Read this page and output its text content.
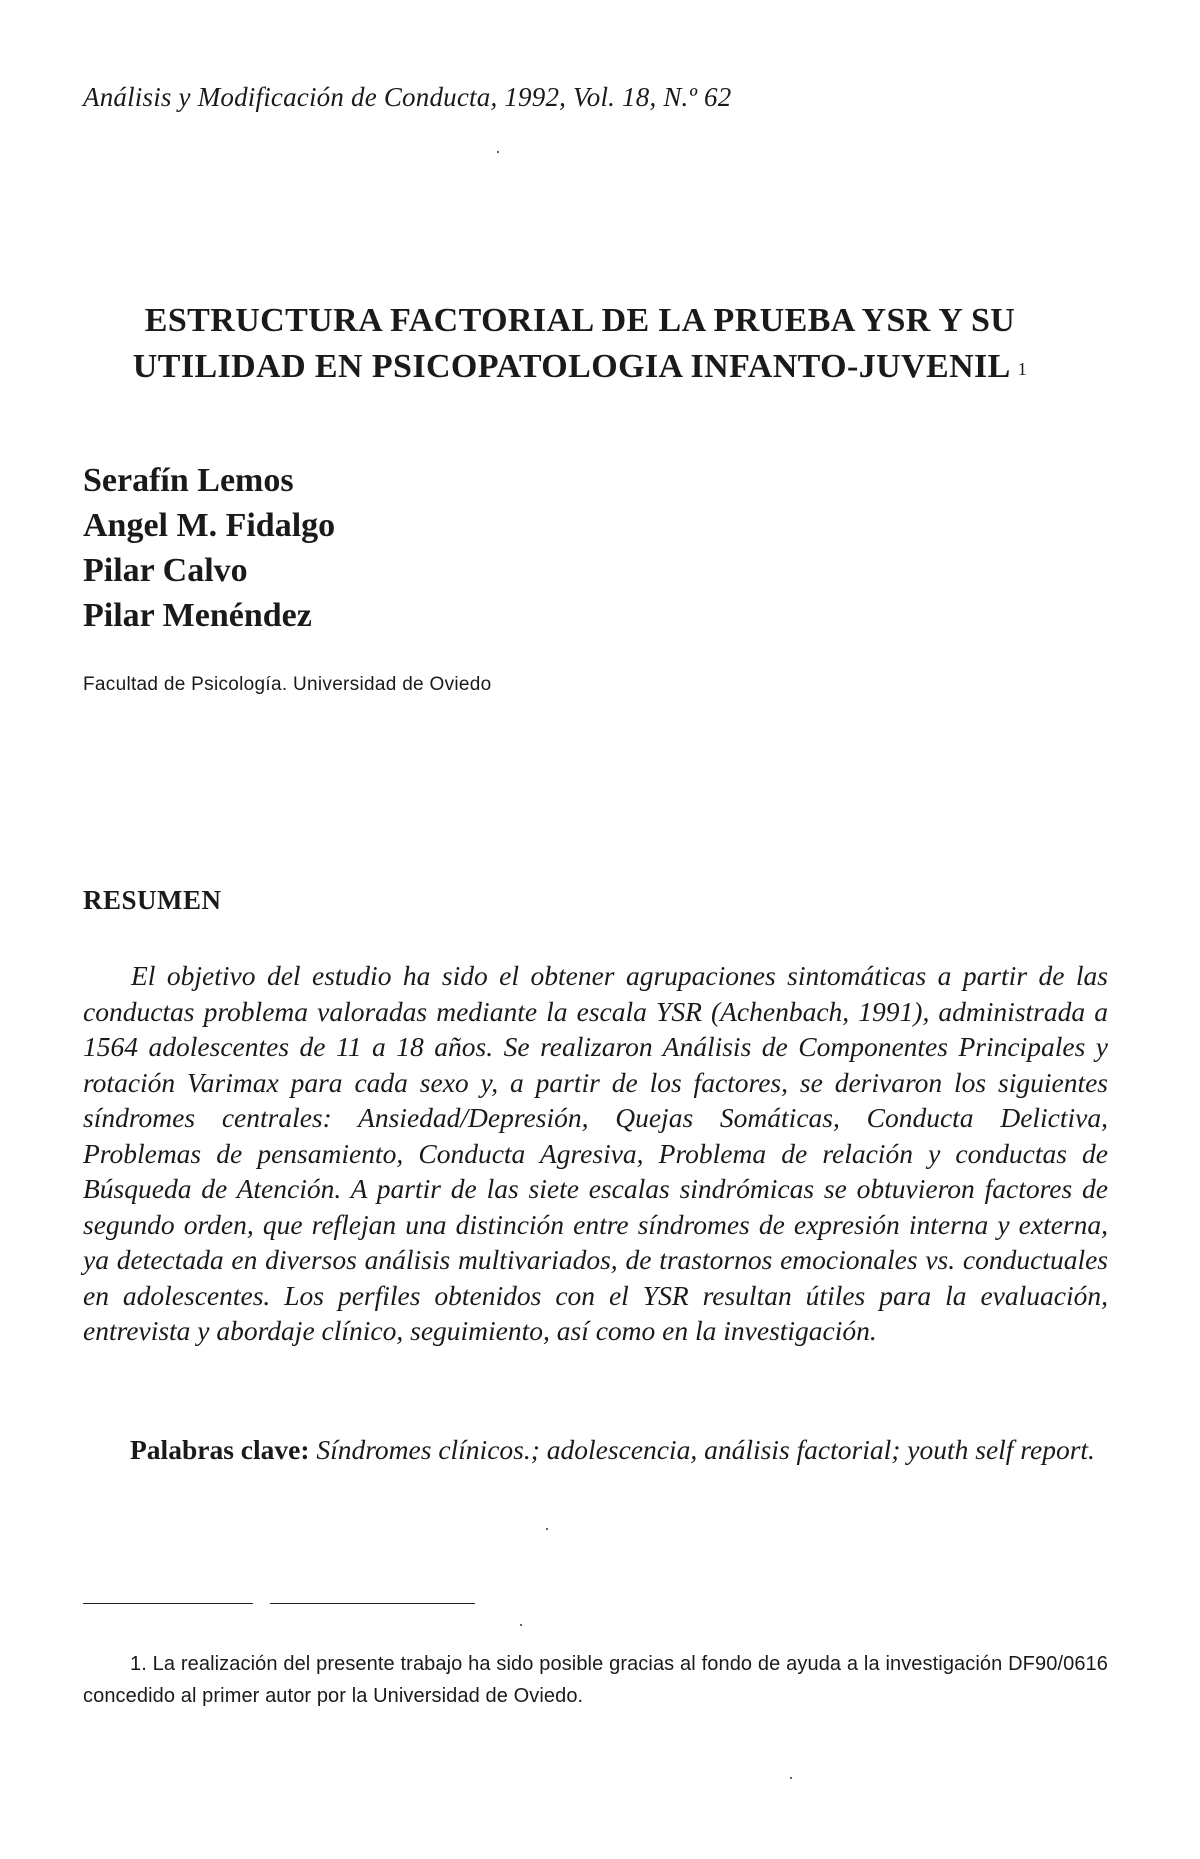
Análisis y Modificación de Conducta, 1992, Vol. 18, N.º 62
ESTRUCTURA FACTORIAL DE LA PRUEBA YSR Y SU
UTILIDAD EN PSICOPATOLOGIA INFANTO-JUVENIL $^1$
Serafín Lemos
Angel M. Fidalgo
Pilar Calvo
Pilar Menéndez
Facultad de Psicología. Universidad de Oviedo
RESUMEN
El objetivo del estudio ha sido el obtener agrupaciones sintomáticas a partir de las conductas problema valoradas mediante la escala YSR (Achenbach, 1991), administrada a 1564 adolescentes de 11 a 18 años. Se realizaron Análisis de Componentes Principales y rotación Varimax para cada sexo y, a partir de los factores, se derivaron los siguientes síndromes centrales: Ansiedad/Depresión, Quejas Somáticas, Conducta Delictiva, Problemas de pensamiento, Conducta Agresiva, Problema de relación y conductas de Búsqueda de Atención. A partir de las siete escalas sindrómicas se obtuvieron factores de segundo orden, que reflejan una distinción entre síndromes de expresión interna y externa, ya detectada en diversos análisis multivariados, de trastornos emocionales vs. conductuales en adolescentes. Los perfiles obtenidos con el YSR resultan útiles para la evaluación, entrevista y abordaje clínico, seguimiento, así como en la investigación.
Palabras clave: Síndromes clínicos.; adolescencia, análisis factorial; youth self report.
1. La realización del presente trabajo ha sido posible gracias al fondo de ayuda a la investigación DF90/0616 concedido al primer autor por la Universidad de Oviedo.
